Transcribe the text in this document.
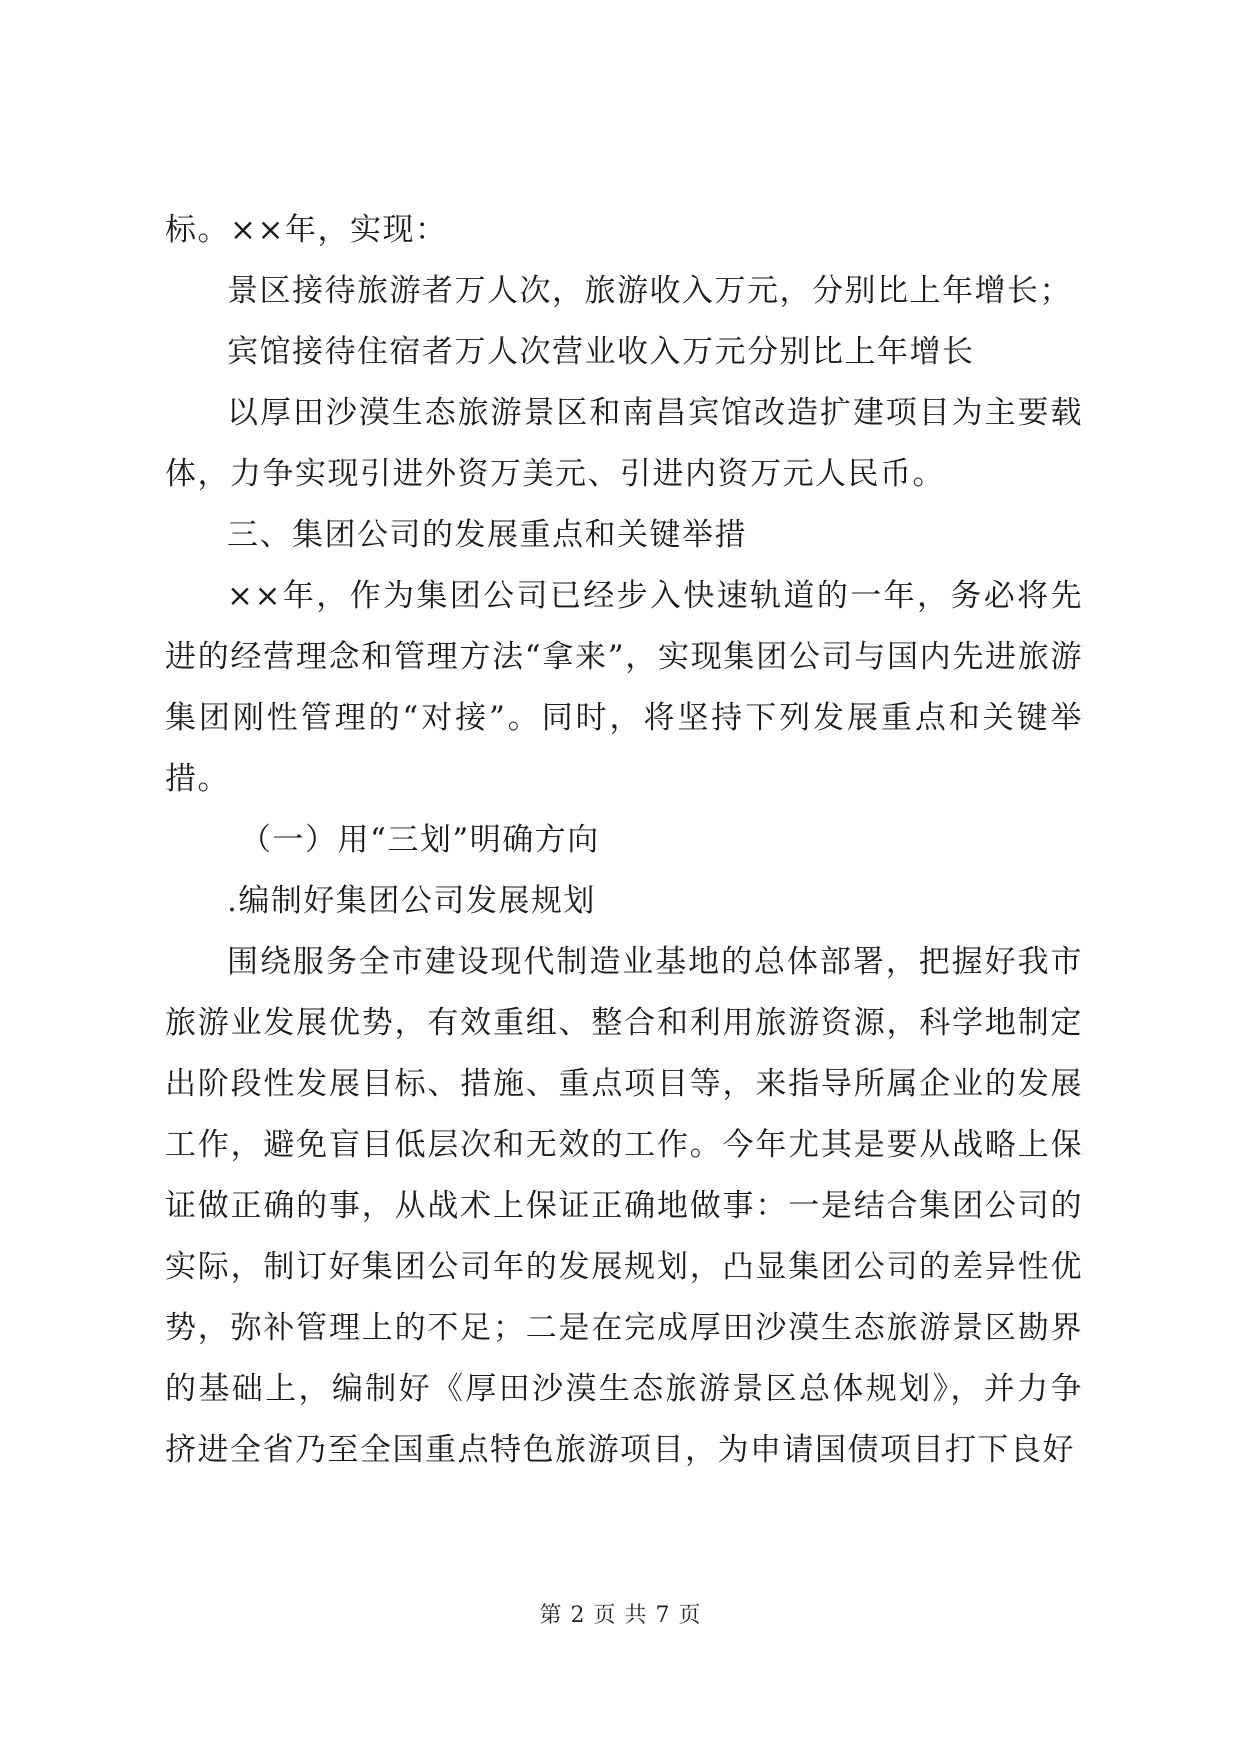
标。××年，实现：

景区接待旅游者万人次，旅游收入万元，分别比上年增长；

宾馆接待住宿者万人次营业收入万元分别比上年增长

以厚田沙漠生态旅游景区和南昌宾馆改造扩建项目为主要载体，力争实现引进外资万美元、引进内资万元人民币。

三、集团公司的发展重点和关键举措

××年，作为集团公司已经步入快速轨道的一年，务必将先进的经营理念和管理方法“拿来”，实现集团公司与国内先进旅游集团刚性管理的“对接”。同时，将坚持下列发展重点和关键举措。

（一）用“三划”明确方向

.编制好集团公司发展规划

围绕服务全市建设现代制造业基地的总体部署，把握好我市旅游业发展优势，有效重组、整合和利用旅游资源，科学地制定出阶段性发展目标、措施、重点项目等，来指导所属企业的发展工作，避免盲目低层次和无效的工作。今年尤其是要从战略上保证做正确的事，从战术上保证正确地做事：一是结合集团公司的实际，制订好集团公司年的发展规划，凸显集团公司的差异性优势，弥补管理上的不足；二是在完成厚田沙漠生态旅游景区勘界的基础上，编制好《厚田沙漠生态旅游景区总体规划》，并力争挤进全省乃至全国重点特色旅游项目，为申请国债项目打下良好

第 2 页 共 7 页
